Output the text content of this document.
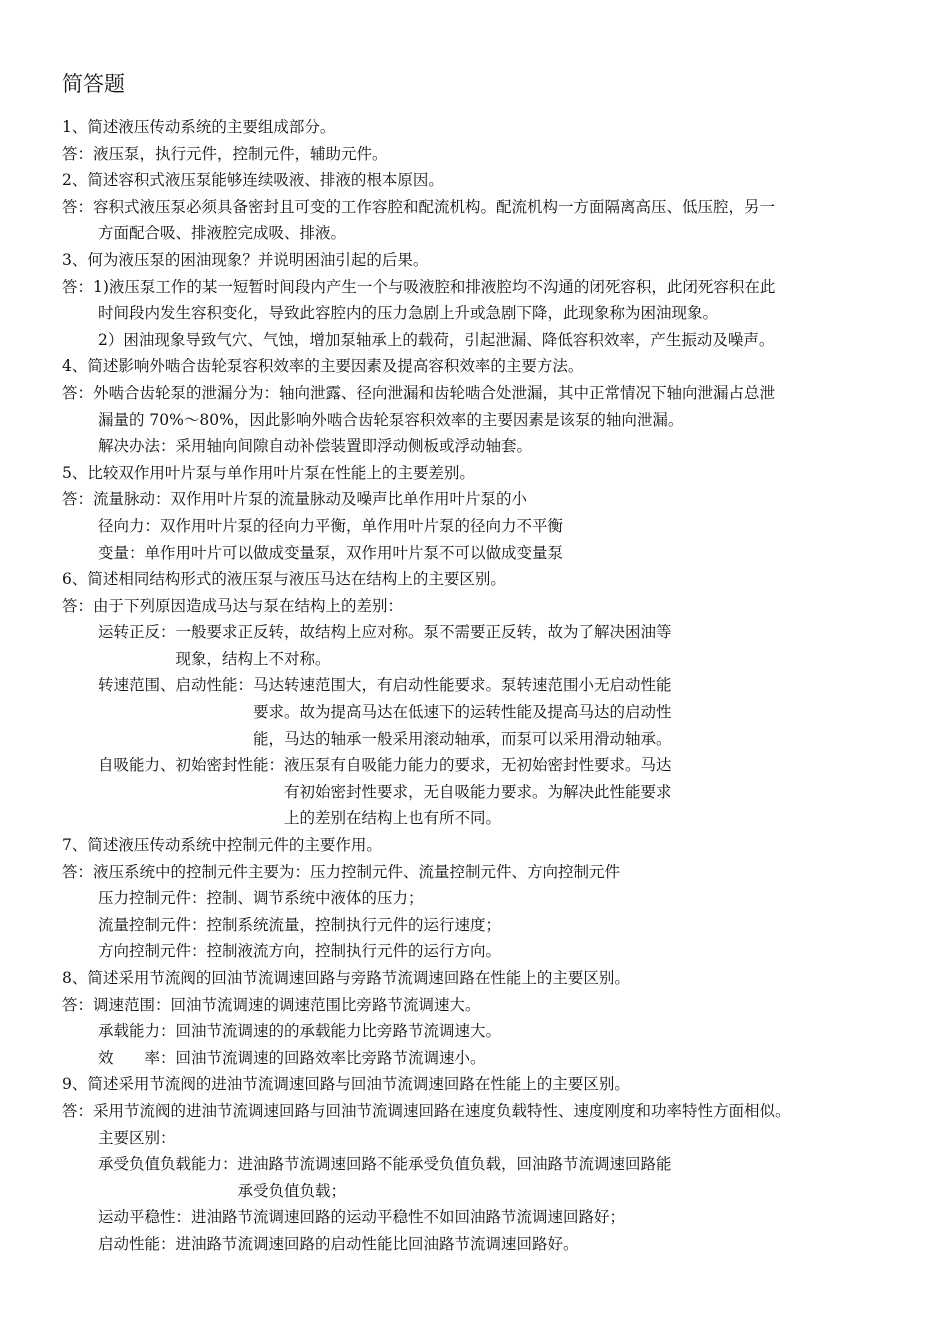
简答题
1、简述液压传动系统的主要组成部分。
答：液压泵，执行元件，控制元件，辅助元件。
2、简述容积式液压泵能够连续吸液、排液的根本原因。
答：容积式液压泵必须具备密封且可变的工作容腔和配流机构。配流机构一方面隔离高压、低压腔，另一
方面配合吸、排液腔完成吸、排液。
3、何为液压泵的困油现象？并说明困油引起的后果。
答：1)液压泵工作的某一短暂时间段内产生一个与吸液腔和排液腔均不沟通的闭死容积，此闭死容积在此
时间段内发生容积变化，导致此容腔内的压力急剧上升或急剧下降，此现象称为困油现象。
2）困油现象导致气穴、气蚀，增加泵轴承上的载荷，引起泄漏、降低容积效率，产生振动及噪声。
4、简述影响外啮合齿轮泵容积效率的主要因素及提高容积效率的主要方法。
答：外啮合齿轮泵的泄漏分为：轴向泄露、径向泄漏和齿轮啮合处泄漏，其中正常情况下轴向泄漏占总泄
漏量的 70%～80%，因此影响外啮合齿轮泵容积效率的主要因素是该泵的轴向泄漏。
解决办法：采用轴向间隙自动补偿装置即浮动侧板或浮动轴套。
5、比较双作用叶片泵与单作用叶片泵在性能上的主要差别。
答：流量脉动：双作用叶片泵的流量脉动及噪声比单作用叶片泵的小
径向力：双作用叶片泵的径向力平衡，单作用叶片泵的径向力不平衡
变量：单作用叶片可以做成变量泵，双作用叶片泵不可以做成变量泵
6、简述相同结构形式的液压泵与液压马达在结构上的主要区别。
答：由于下列原因造成马达与泵在结构上的差别：
运转正反： 一般要求正反转，故结构上应对称。泵不需要正反转，故为了解决困油等
现象，结构上不对称。
转速范围、启动性能： 马达转速范围大，有启动性能要求。泵转速范围小无启动性能
要求。故为提高马达在低速下的运转性能及提高马达的启动性
能，马达的轴承一般采用滚动轴承，而泵可以采用滑动轴承。
自吸能力、初始密封性能： 液压泵有自吸能力能力的要求，无初始密封性要求。马达
有初始密封性要求，无自吸能力要求。为解决此性能要求
上的差别在结构上也有所不同。
7、简述液压传动系统中控制元件的主要作用。
答：液压系统中的控制元件主要为：压力控制元件、流量控制元件、方向控制元件
压力控制元件：控制、调节系统中液体的压力；
流量控制元件：控制系统流量，控制执行元件的运行速度；
方向控制元件：控制液流方向，控制执行元件的运行方向。
8、简述采用节流阀的回油节流调速回路与旁路节流调速回路在性能上的主要区别。
答：调速范围：回油节流调速的调速范围比旁路节流调速大。
承载能力：回油节流调速的的承载能力比旁路节流调速大。
效　　率：回油节流调速的回路效率比旁路节流调速小。
9、简述采用节流阀的进油节流调速回路与回油节流调速回路在性能上的主要区别。
答：采用节流阀的进油节流调速回路与回油节流调速回路在速度负载特性、速度刚度和功率特性方面相似。
主要区别：
承受负值负载能力： 进油路节流调速回路不能承受负值负载，回油路节流调速回路能
承受负值负载；
运动平稳性：进油路节流调速回路的运动平稳性不如回油路节流调速回路好；
启动性能：进油路节流调速回路的启动性能比回油路节流调速回路好。
